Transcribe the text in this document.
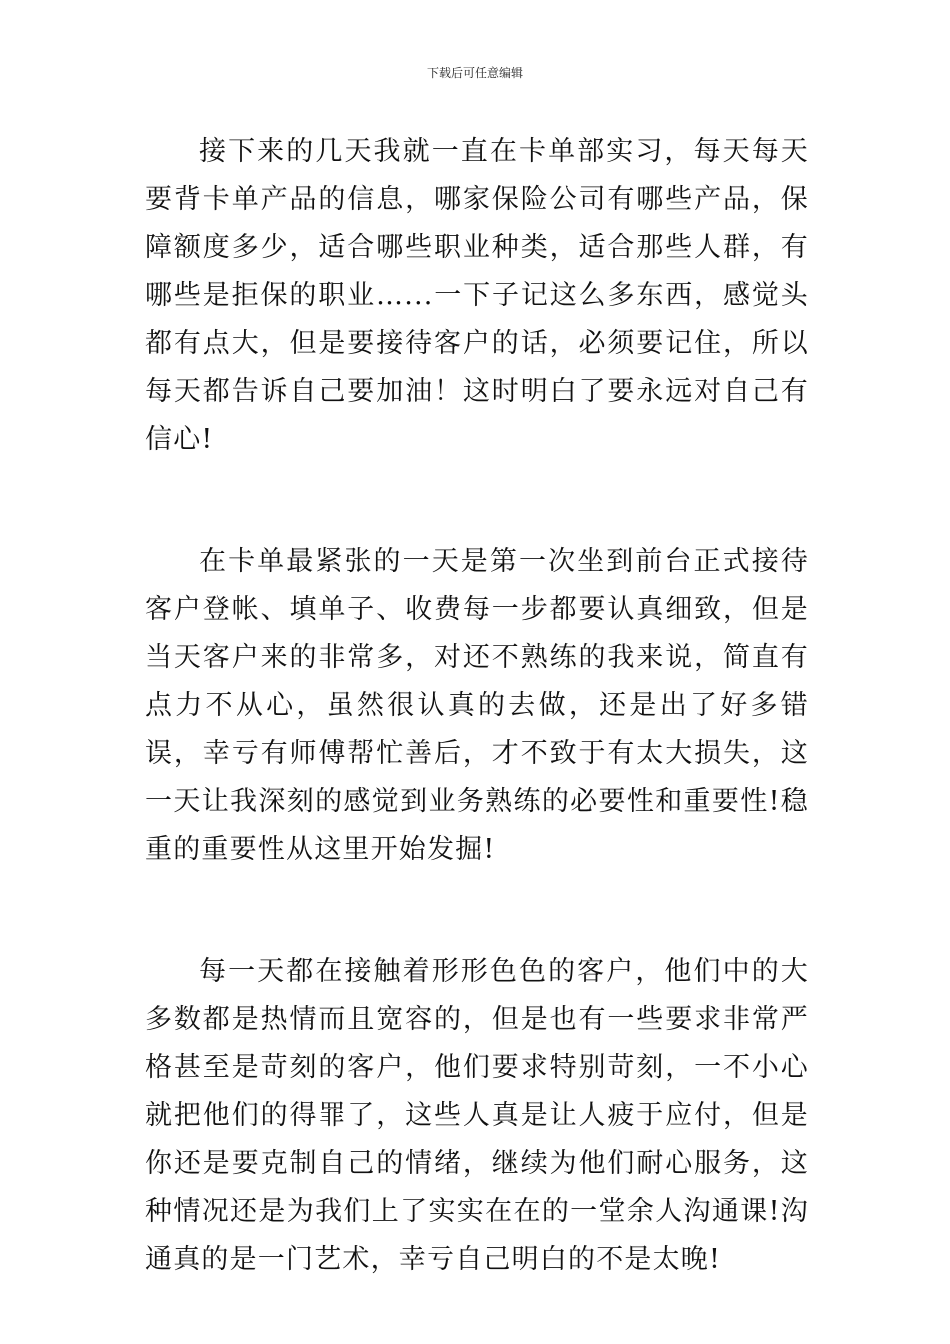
下载后可任意编辑

接下来的几天我就一直在卡单部实习，每天每天要背卡单产品的信息，哪家保险公司有哪些产品，保障额度多少，适合哪些职业种类，适合那些人群，有哪些是拒保的职业…...一下子记这么多东西，感觉头都有点大，但是要接待客户的话，必须要记住，所以每天都告诉自己要加油！这时明白了要永远对自己有信心!

在卡单最紧张的一天是第一次坐到前台正式接待客户登帐、填单子、收费每一步都要认真细致，但是当天客户来的非常多，对还不熟练的我来说，简直有点力不从心，虽然很认真的去做，还是出了好多错误，幸亏有师傅帮忙善后，才不致于有太大损失，这一天让我深刻的感觉到业务熟练的必要性和重要性!稳重的重要性从这里开始发掘!

每一天都在接触着形形色色的客户，他们中的大多数都是热情而且宽容的，但是也有一些要求非常严格甚至是苛刻的客户，他们要求特别苛刻，一不小心就把他们的得罪了，这些人真是让人疲于应付，但是你还是要克制自己的情绪，继续为他们耐心服务，这种情况还是为我们上了实实在在的一堂余人沟通课!沟通真的是一门艺术，幸亏自己明白的不是太晚!
